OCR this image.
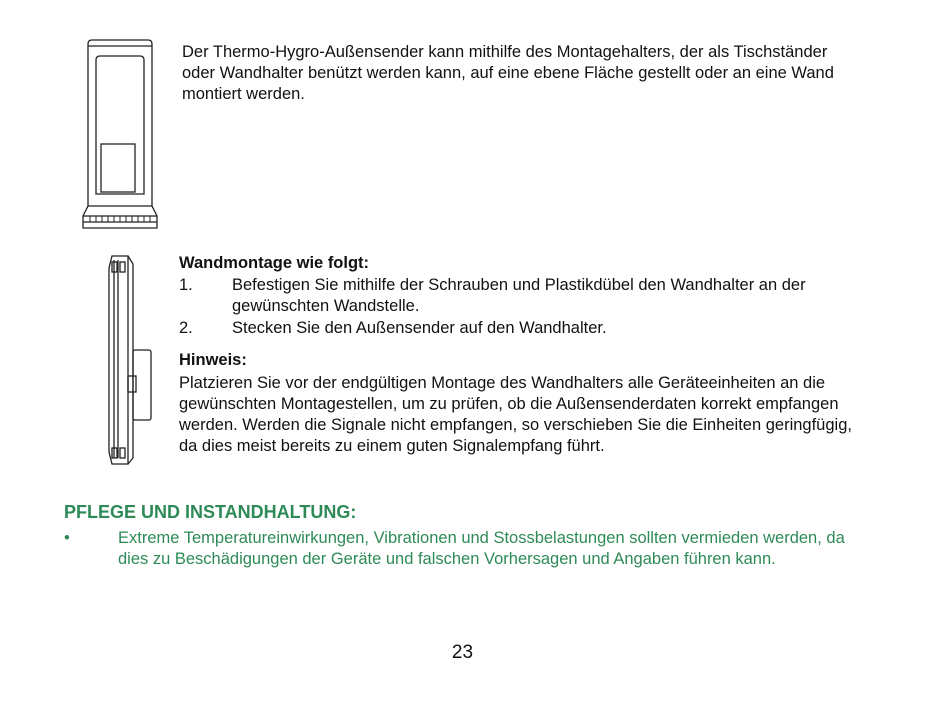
Der Thermo-Hygro-Außensender kann mithilfe des Montagehalters, der als Tischständer oder Wandhalter benützt werden kann, auf eine ebene Fläche gestellt oder an eine Wand montiert werden.
Wandmontage wie folgt:
1. Befestigen Sie mithilfe der Schrauben und Plastikdübel den Wandhalter an der gewünschten Wandstelle.
2. Stecken Sie den Außensender auf den Wandhalter.
Hinweis:
Platzieren Sie vor der endgültigen Montage des Wandhalters alle Geräteeinheiten an die gewünschten Montagestellen, um zu prüfen, ob die Außensenderdaten korrekt empfangen werden. Werden die Signale nicht empfangen, so verschieben Sie die Einheiten geringfügig, da dies meist bereits zu einem guten Signalempfang führt.
PFLEGE UND INSTANDHALTUNG:
•	Extreme Temperatureinwirkungen, Vibrationen und Stossbelastungen sollten vermieden werden, da dies zu Beschädigungen der Geräte und falschen Vorhersagen und Angaben führen kann.
23
